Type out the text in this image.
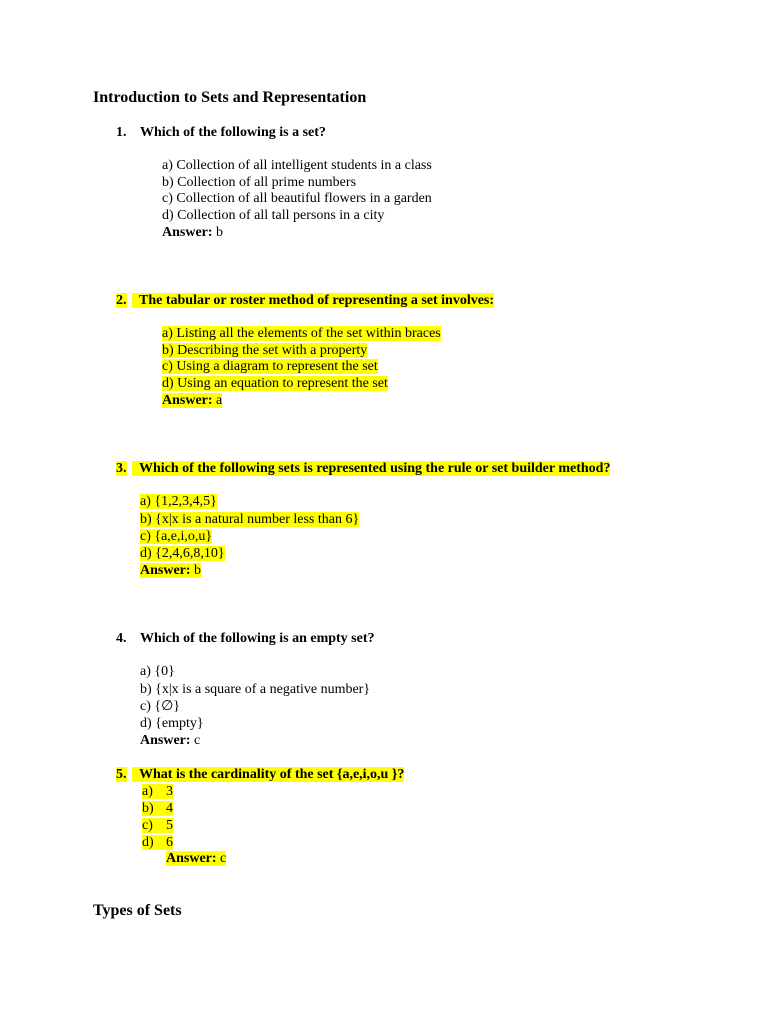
Introduction to Sets and Representation
1. Which of the following is a set?
a) Collection of all intelligent students in a class
b) Collection of all prime numbers
c) Collection of all beautiful flowers in a garden
d) Collection of all tall persons in a city
Answer: b
2. The tabular or roster method of representing a set involves:
a) Listing all the elements of the set within braces
b) Describing the set with a property
c) Using a diagram to represent the set
d) Using an equation to represent the set
Answer: a
3. Which of the following sets is represented using the rule or set builder method?
a) {1,2,3,4,5}
b) {x|x is a natural number less than 6}
c) {a,e,i,o,u}
d) {2,4,6,8,10}
Answer: b
4. Which of the following is an empty set?
a) {0}
b) {x|x is a square of a negative number}
c) {∅}
d) {empty}
Answer: c
5. What is the cardinality of the set {a,e,i,o,u }?
a) 3
b) 4
c) 5
d) 6
Answer: c
Types of Sets
